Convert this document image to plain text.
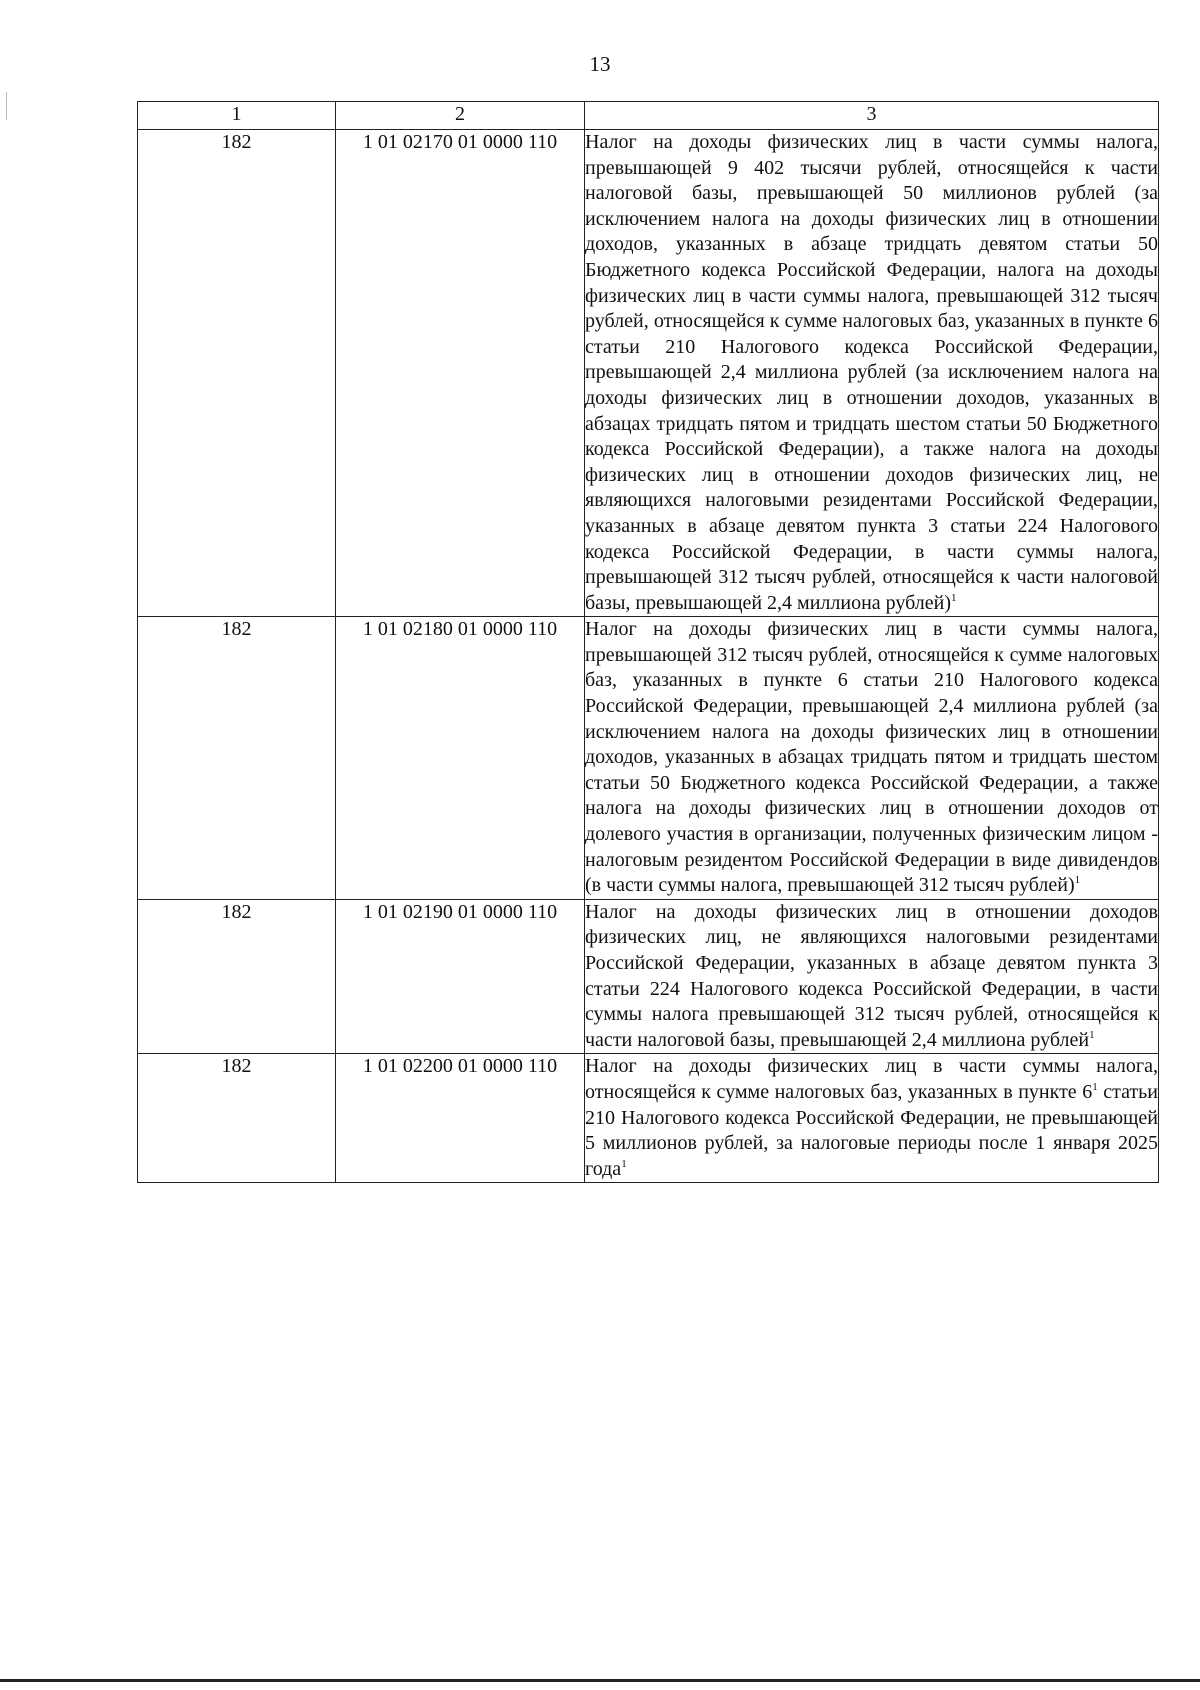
13
1	2	3
182	1 01 02170 01 0000 110	Налог на доходы физических лиц в части суммы налога, превышающей 9 402 тысячи рублей, относящейся к части налоговой базы, превышающей 50 миллионов рублей (за исключением налога на доходы физических лиц в отношении доходов, указанных в абзаце тридцать девятом статьи 50 Бюджетного кодекса Российской Федерации, налога на доходы физических лиц в части суммы налога, превышающей 312 тысяч рублей, относящейся к сумме налоговых баз, указанных в пункте 6 статьи 210 Налогового кодекса Российской Федерации, превышающей 2,4 миллиона рублей (за исключением налога на доходы физических лиц в отношении доходов, указанных в абзацах тридцать пятом и тридцать шестом статьи 50 Бюджетного кодекса Российской Федерации), а также налога на доходы физических лиц в отношении доходов физических лиц, не являющихся налоговыми резидентами Российской Федерации, указанных в абзаце девятом пункта 3 статьи 224 Налогового кодекса Российской Федерации, в части суммы налога, превышающей 312 тысяч рублей, относящейся к части налоговой базы, превышающей 2,4 миллиона рублей)$^1$
182	1 01 02180 01 0000 110	Налог на доходы физических лиц в части суммы налога, превышающей 312 тысяч рублей, относящейся к сумме налоговых баз, указанных в пункте 6 статьи 210 Налогового кодекса Российской Федерации, превышающей 2,4 миллиона рублей (за исключением налога на доходы физических лиц в отношении доходов, указанных в абзацах тридцать пятом и тридцать шестом статьи 50 Бюджетного кодекса Российской Федерации, а также налога на доходы физических лиц в отношении доходов от долевого участия в организации, полученных физическим лицом - налоговым резидентом Российской Федерации в виде дивидендов (в части суммы налога, превышающей 312 тысяч рублей)$^1$
182	1 01 02190 01 0000 110	Налог на доходы физических лиц в отношении доходов физических лиц, не являющихся налоговыми резидентами Российской Федерации, указанных в абзаце девятом пункта 3 статьи 224 Налогового кодекса Российской Федерации, в части суммы налога превышающей 312 тысяч рублей, относящейся к части налоговой базы, превышающей 2,4 миллиона рублей$^1$
182	1 01 02200 01 0000 110	Налог на доходы физических лиц в части суммы налога, относящейся к сумме налоговых баз, указанных в пункте $6^1$ статьи 210 Налогового кодекса Российской Федерации, не превышающей 5 миллионов рублей, за налоговые периоды после 1 января 2025 года$^1$
